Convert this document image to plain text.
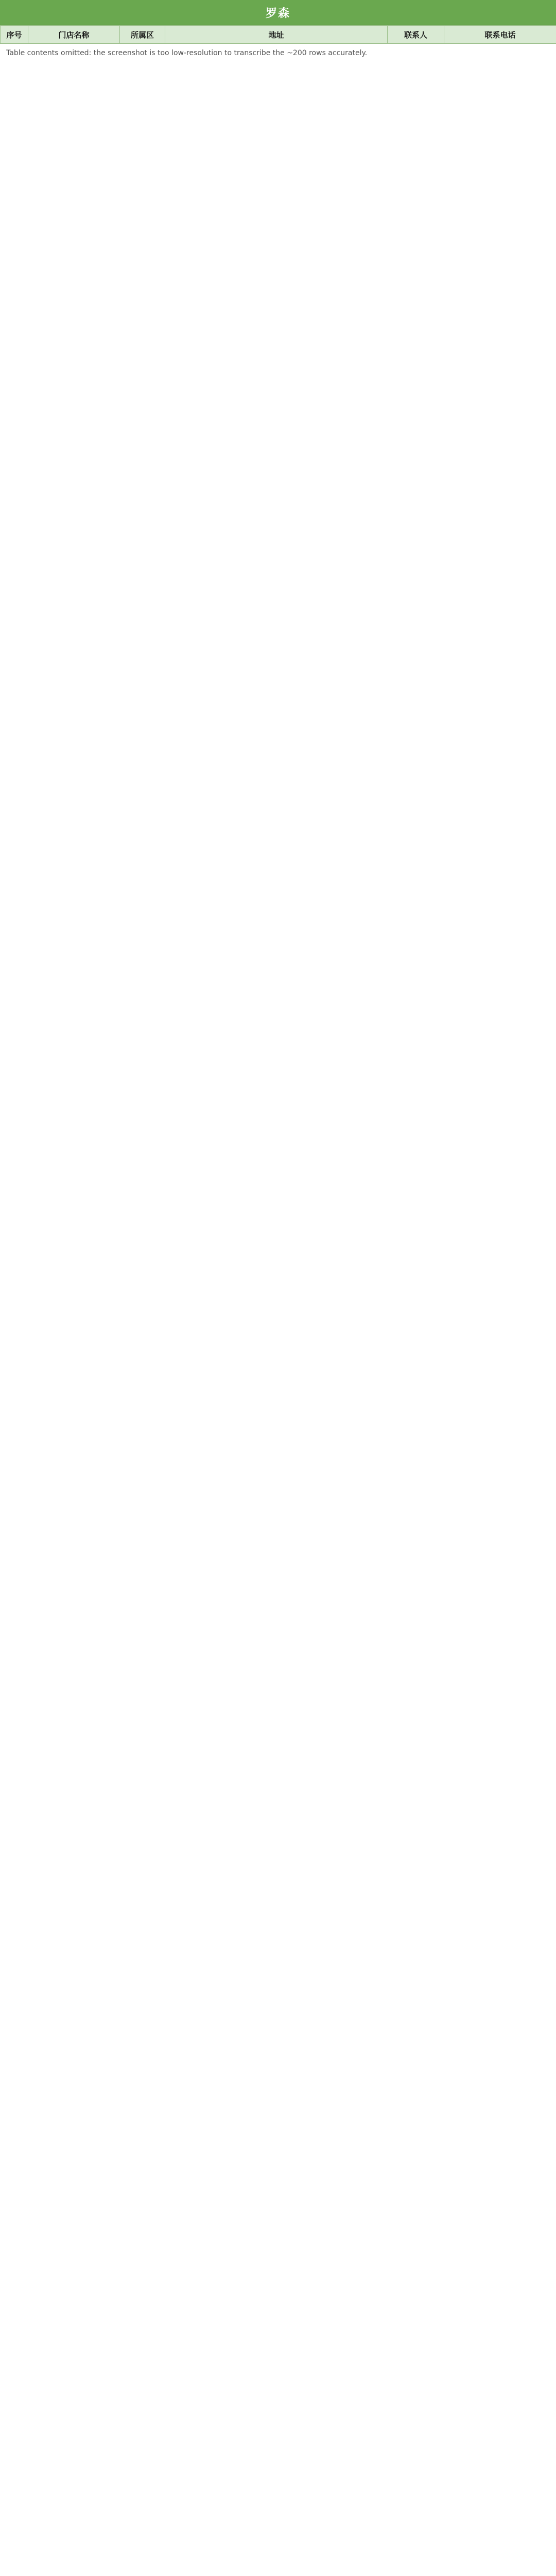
罗森
序号	门店名称	所属区	地址	联系人	联系电话
Table contents omitted: the screenshot is too low-resolution to transcribe the ~200 rows accurately.
